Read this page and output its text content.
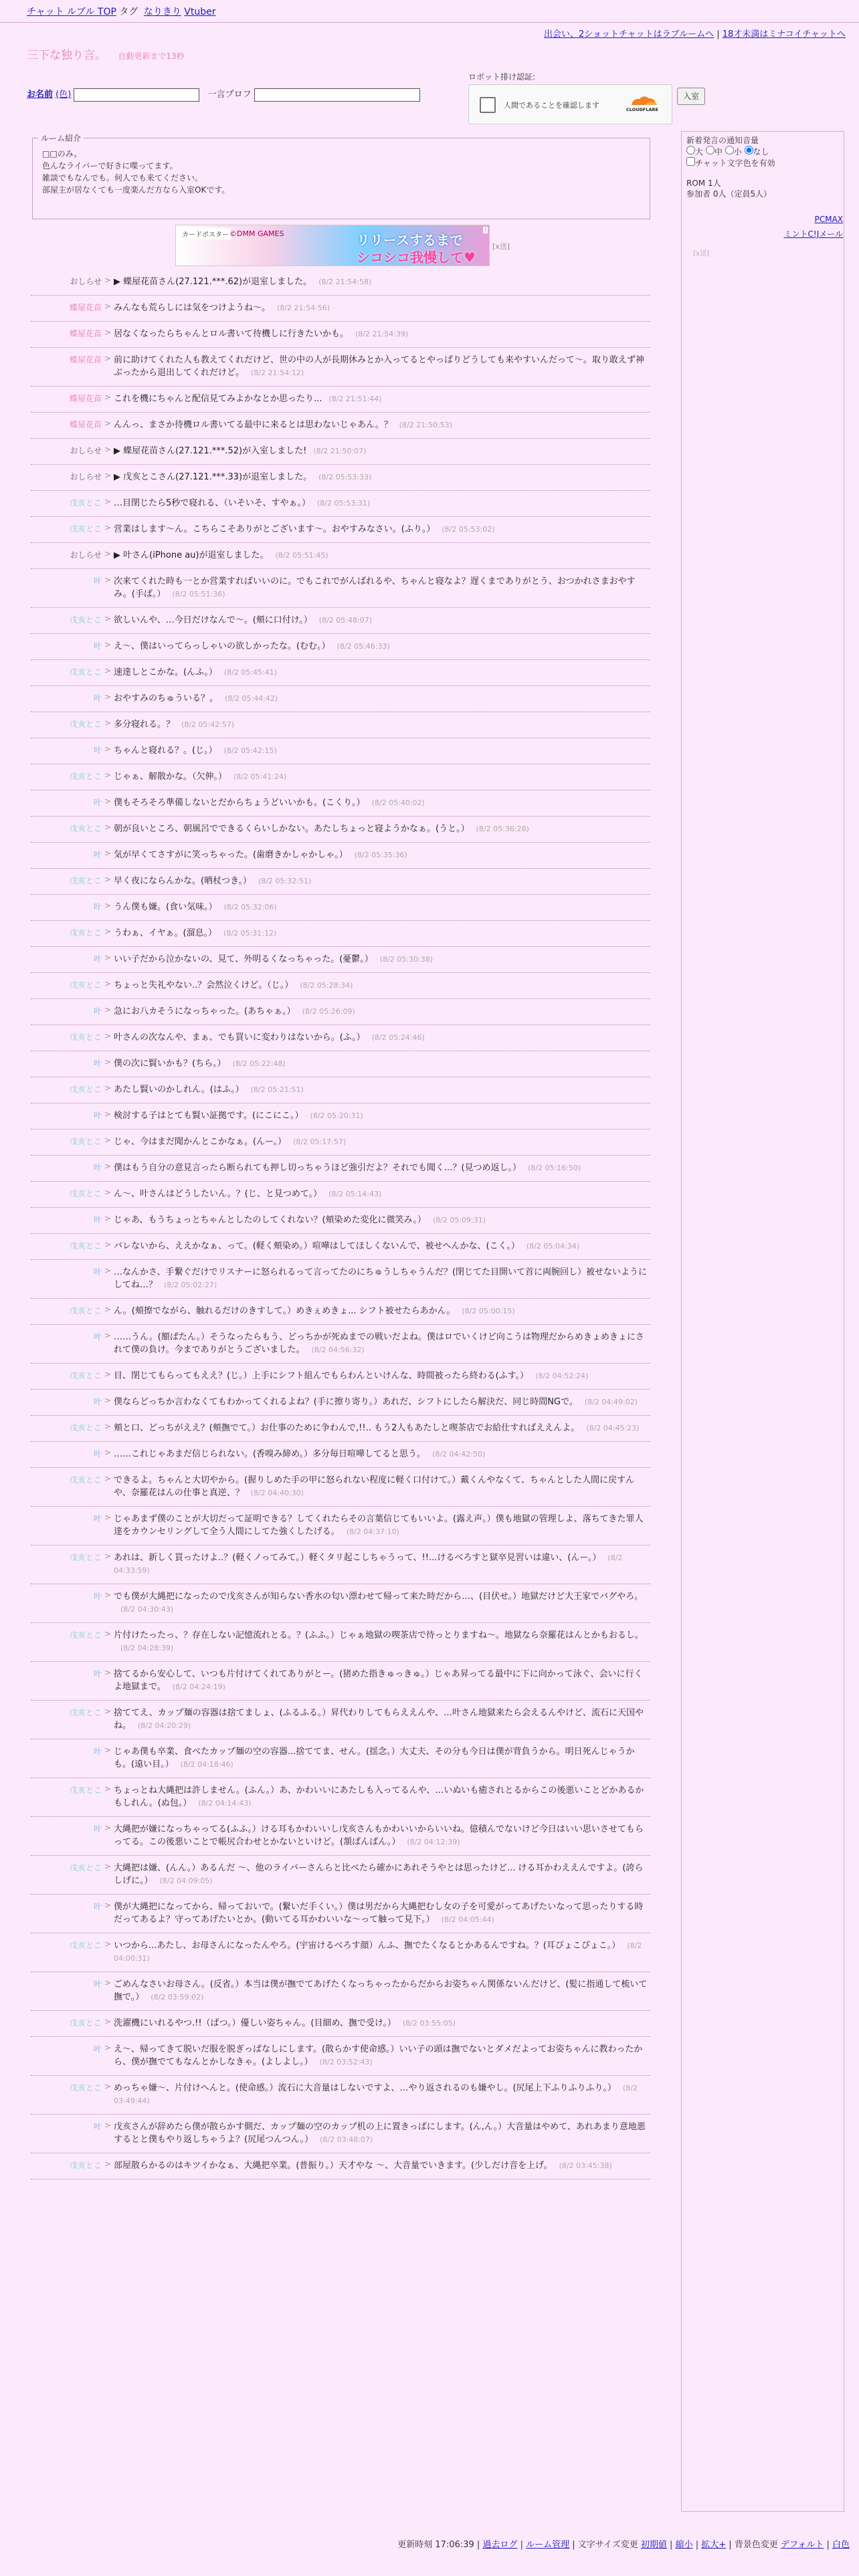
チャット ルブル TOP タグ なりきり Vtuber
出会い、2ショットチャットはラブルームへ | 18才未満はミナコイチャットへ
三下な独り言。 自動更新まで13秒
お名前 (色)	一言プロフ
ロボット排け認証:
人間であることを確認します	CLOUDFLARE
入室
ルーム紹介
□□のみ。
色んなライバーで好きに喋ってます。
雑談でもなんでも。何人でも来てください。
部屋主が居なくても一度楽んだ方なら入室OKです。
カードポスター ©DMM GAMES	リリースするまで
シコシコ我慢して♥
i
[x送]
おしらせ > ▶ 蝶屋花苗さん(27.121.***.62)が退室しました。 (8/2 21:54:58)
蝶屋花苗 > みんなも荒らしには気をつけようね～。 (8/2 21:54:56)
蝶屋花苗 > 居なくなったらちゃんとロル書いて待機しに行きたいかも。 (8/2 21:54:39)
蝶屋花苗 > 前に助けてくれた人も教えてくれだけど、世の中の人が長期休みとか入ってるとやっぱりどうしても来やすいんだって～。取り敢えず神ぶったから退出してくれだけど。 (8/2 21:54:12)
蝶屋花苗 > これを機にちゃんと配信見てみよかなとか思ったり... (8/2 21:51:44)
蝶屋花苗 > んんっ、まさか待機ロル書いてる最中に来るとは思わないじゃあん。？ (8/2 21:50:53)
おしらせ > ▶ 蝶屋花苗さん(27.121.***.52)が入室しました! (8/2 21:50:07)
おしらせ > ▶ 戊亥とこさん(27.121.***.33)が退室しました。 (8/2 05:53:33)
戊亥とこ > …目閉じたら5秒で寝れる、（いそいそ、すやぁ。） (8/2 05:53:31)
戊亥とこ > 営業はします～ん。こちらこそありがとございます～。おやすみなさい。(ふり。） (8/2 05:53:02)
おしらせ > ▶ 叶さん(iPhone au)が退室しました。 (8/2 05:51:45)
叶 > 次来てくれた時も一とか営業すればいいのに。でもこれでがんばれるや、ちゃんと寝なよ？遅くまでありがとう、おつかれさまおやすみ。(手ぱ。） (8/2 05:51:36)
戊亥とこ > 欲しいんや、…今日だけなんで～。(頬に口付け。） (8/2 05:48:07)
叶 > え〜、僕はいってらっしゃいの欲しかったな。(むむ。） (8/2 05:46:33)
戊亥とこ > 速達しとこかな。(んふ。） (8/2 05:45:41)
叶 > おやすみのちゅういる？。 (8/2 05:44:42)
戊亥とこ > 多分寝れる。？ (8/2 05:42:57)
叶 > ちゃんと寝れる？。(じ。） (8/2 05:42:15)
戊亥とこ > じゃぁ、解散かな。（欠伸。） (8/2 05:41:24)
叶 > 僕もそろそろ準備しないとだからちょうどいいかも。(こくり。） (8/2 05:40:02)
戊亥とこ > 朝が良いところ、朝風呂でできるくらいしかない。あたしちょっと寝ようかなぁ。(うと。） (8/2 05:36:28)
叶 > 気が早くてさすがに笑っちゃった。(歯磨きかしゃかしゃ。） (8/2 05:35:36)
戊亥とこ > 早く夜にならんかな。(晒杖つき。） (8/2 05:32:51)
叶 > うん僕も嫌。(食い気味。） (8/2 05:32:06)
戊亥とこ > うわぁ、イヤぁ。(溜息。） (8/2 05:31:12)
叶 > いい子だから泣かないの、見て、外明るくなっちゃった。(憂鬱。） (8/2 05:30:38)
戊亥とこ > ちょっと失礼やない..？会然泣くけど。（じ。） (8/2 05:28:34)
叶 > 急にお八カそうになっちゃった。(あちゃぁ。） (8/2 05:26:09)
戊亥とこ > 叶さんの次なんや、まぁ、でも買いに変わりはないから。(ふ。） (8/2 05:24:46)
叶 > 僕の次に賢いかも？(ちら。） (8/2 05:22:48)
戊亥とこ > あたし賢いのかしれん。(はふ。） (8/2 05:21:51)
叶 > 検討する子はとても賢い証拠です。(にこにこ。） (8/2 05:20:31)
戊亥とこ > じゃ、今はまだ聞かんとこかなぁ。(んー。） (8/2 05:17:57)
叶 > 僕はもう自分の意見言ったら断られても押し切っちゃうほど強引だよ？それでも聞く...？(見つめ返し。） (8/2 05:16:50)
戊亥とこ > ん～、叶さんはどうしたいん。？(じ、と見つめて。） (8/2 05:14:43)
叶 > じゃあ、もうちょっとちゃんとしたのしてくれない？(頬染めた変化に微笑み。） (8/2 05:09:31)
戊亥とこ > バレないから、ええかなぁ、って。(軽く頬染め。）喧嘩はしてほしくないんで、被せへんかな、(こく。） (8/2 05:04:34)
叶 > …なんかさ、手繋ぐだけでリスナーに怒られるって言ってたのにちゅうしちゃうんだ？(閉じてた目開いて首に両腕回し）被せないようにしてね…？ (8/2 05:02:27)
戊亥とこ > ん。(頬擦でながら、触れるだけのきすして。）めきぇめきょ... シフト被せたらあかん。 (8/2 05:00:15)
叶 > ……うん。(額ぱたん。）そうなったらもう、どっちかが死ぬまでの戦いだよね。僕はロでいくけど向こうは物理だからめきょめきょにされて僕の負け。今までありがとうございました。 (8/2 04:56:32)
戊亥とこ > 目、閉じてもらってもええ？(じ。）上手にシフト組んでもらわんといけんな、時間被ったら終わる(ふす。） (8/2 04:52:24)
叶 > 僕ならどっちか言わなくてもわかってくれるよね？(手に擦り寄り。）あれだ、シフトにしたら解決だ、同じ時間NGで。 (8/2 04:49:02)
戊亥とこ > 頬と口、どっちがええ？(頬撫でて。）お仕事のために争わんで,!!.. もう2人もあたしと喫茶店でお給仕すればええんよ。 (8/2 04:45:23)
叶 > ……これじゃあまだ信じられない。(香嗅み締め。）多分毎日喧嘩してると思う。 (8/2 04:42:50)
戊亥とこ > できるよ。ちゃんと大切やから。(握りしめた手の甲に怒られない程度に軽く口付けて。）戴くんやなくて、ちゃんとした人間に戻すんや、奈羅花はんの仕事と真逆、？ (8/2 04:40:30)
叶 > じゃあまず僕のことが大切だって証明できる？してくれたらその言葉信じてもいいよ。(露え声。）僕も地獄の管理しよ、落ちてきた罪人達をカウンセリングして全う人間にしてた強くしたげる。 (8/2 04:37:10)
戊亥とこ > あれは、新しく買ったけよ..？(軽くノってみて。）軽くタリ起こしちゃうって、!!...けるべろすと獄卒見習いは違い、(んー。） (8/2 04:33:59)
叶 > でも僕が大縄把になったので戊亥さんが知らない香水の匂い漂わせて帰って来た時だから…、(目伏せ。）地獄だけど大王家でバグやろ。(8/2 04:30:43)
戊亥とこ > 片付けたったっ、？存在しない記憶流れとる。？(ふふ。）じゃぁ地獄の喫茶店で待っとりますね～。地獄なら奈羅花はんとかもおるし。(8/2 04:28:39)
叶 > 捨てるから安心して、いつも片付けてくれてありがとー。(猪めた指きゅっきゅ。）じゃあ昇ってる最中に下に向かって泳ぐ、会いに行くよ地獄まで。 (8/2 04:24:19)
戊亥とこ > 捨ててえ、カップ麺の容器は捨てましょ、(ふるふる。）昇代わりしてもらええんや、…叶さん地獄来たら会えるんやけど、流石に天国やね。 (8/2 04:20:29)
叶 > じゃあ僕も卒業、食べたカップ麺の空の容器...捨ててま、せん。(揺念。）大丈夫、その分も今日は僕が背負うから。明日死んじゃうかも。(遠い目。） (8/2 04:18:46)
戊亥とこ > ちょっとね大縄把は許しません。(ふん。）あ、かわいいにあたしも入ってるんや、…いぬいも癒されとるからこの後悪いことどかあるかもしれん。(ぬ包。） (8/2 04:14:43)
叶 > 大縄把が嫌になっちゃってる(ふふ。）ける耳もかわいいし戊亥さんもかわいいからいいね。億積んでないけど今日はいい思いさせてもらってる。この後悪いことで帳尻合わせとかないといけど。(頷ぱんぱん。） (8/2 04:12:39)
戊亥とこ > 大縄把は嫌、(んん。）あるんだ ～、他のライバーさんらと比べたら確かにあれそうやとは思ったけど... ける耳かわええんですよ。(誇らしげに。） (8/2 04:09:05)
叶 > 僕が大縄把になってから、帰っておいで。(繋いだ手くい。）僕は男だから大縄把むし女の子を可愛がってあげたいなって思ったりする時だってあるよ？守ってあげたいとか。(動いてる耳かわいいな～って触って見下。） (8/2 04:05:44)
戊亥とこ > いつから...あたし、お母さんになったんやろ。(宇宙けるべろす顔）んふ、撫でたくなるとかあるんですね。？(耳ぴょこぴょこ。） (8/2 04:00:31)
叶 > ごめんなさいお母さん。(反省。）本当は僕が撫でてあげたくなっちゃったからだからお姿ちゃん関係ないんだけど、(髪に指通して梳いて撫で。） (8/2 03:59:02)
戊亥とこ > 洗濯機にいれるやつ.!!（ぱつ。）優しい姿ちゃん。(目細め、撫で受け。） (8/2 03:55:05)
叶 > え～、帰ってきて脱いだ服を脱ぎっぱなしにします。(散らかす使命感。）いい子の頭は撫でないとダメだよってお姿ちゃんに教わったから、僕が撫でてもなんとかしなきゃ。(よしよし。） (8/2 03:52:43)
戊亥とこ > めっちゃ嫌～、片付けへんと。(使命感。）流石に大音量はしないですよ、…やり返されるのも嫌やし。(尻尾上下ふりふりふり。） (8/2 03:49:44)
叶 > 戊亥さんが辞めたら僕が散らかす側だ、カップ麺の空のカップ机の上に置きっぱにします。(ん,ん。）大音量はやめて、あれあまり意地悪するとと僕もやり返しちゃうよ？(尻尾つんつん。） (8/2 03:48:07)
戊亥とこ > 部屋散らかるのはキツイかなぁ、大縄把卒業。(普振り。）天才やな ～、大音量でいきます。(少しだけ音を上げ。 (8/2 03:45:38)
新着発言の通知音量
大 中 小 なし
チャット文字色を有効
ROM 1人
参加者 0人（定員5人）
PCMAX
ミントC!Jメール
[x送]
更新時刻 17:06:39 | 過去ログ | ルーム管理 | 文字サイズ変更 初期値 | 縮小 | 拡大+ | 背景色変更 デフォルト | 白色
